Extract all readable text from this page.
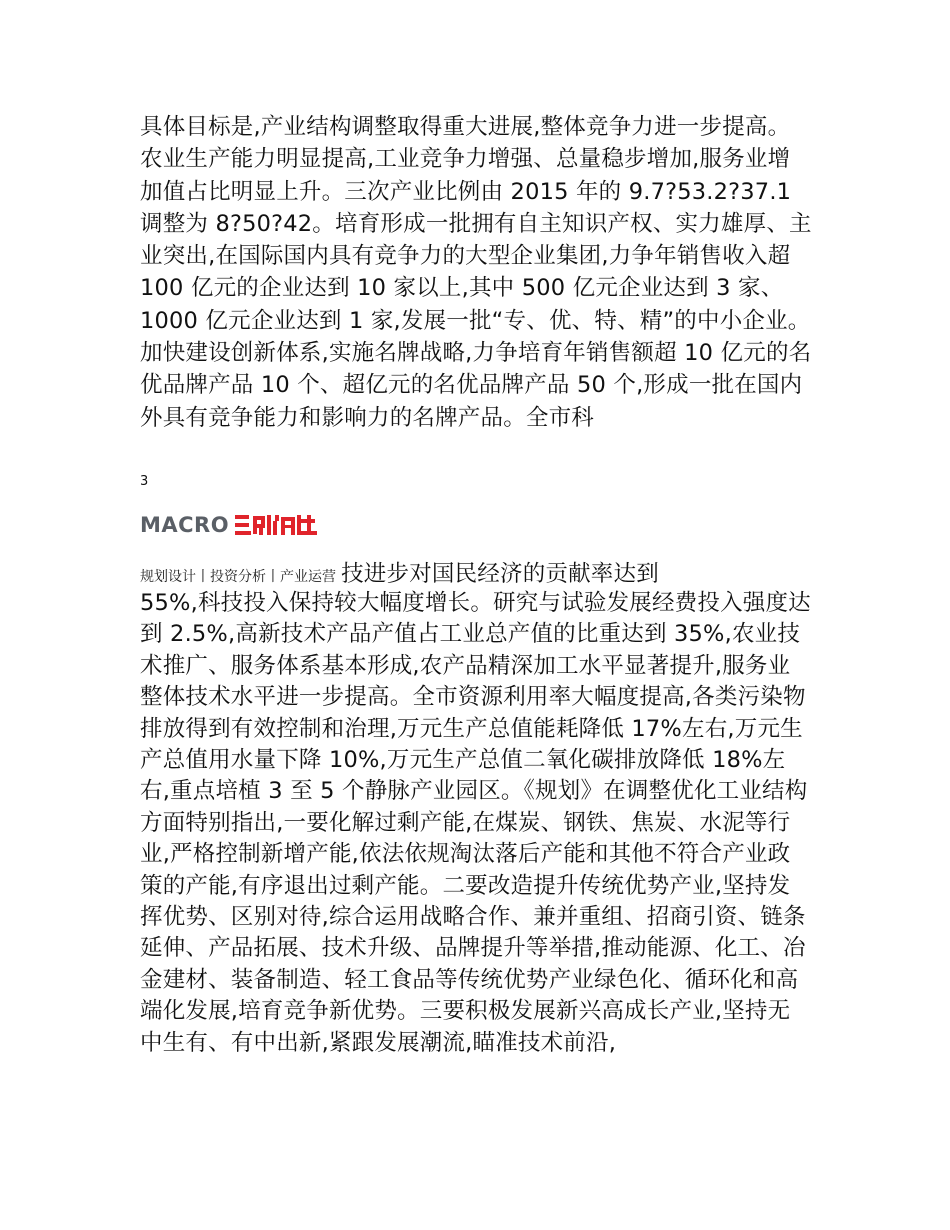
具体目标是,产业结构调整取得重大进展,整体竞争力进一步提高。农业生产能力明显提高,工业竞争力增强、总量稳步增加,服务业增加值占比明显上升。三次产业比例由 2015 年的 9.7?53.2?37.1 调整为 8?50?42。培育形成一批拥有自主知识产权、实力雄厚、主业突出,在国际国内具有竞争力的大型企业集团,力争年销售收入超 100 亿元的企业达到 10 家以上,其中 500 亿元企业达到 3 家、1000 亿元企业达到 1 家,发展一批“专、优、特、精”的中小企业。加快建设创新体系,实施名牌战略,力争培育年销售额超 10 亿元的名优品牌产品 10 个、超亿元的名优品牌产品 50 个,形成一批在国内外具有竞争能力和影响力的名牌产品。全市科

3

MACRO
规划设计丨投资分析丨产业运营 技进步对国民经济的贡献率达到

55%,科技投入保持较大幅度增长。研究与试验发展经费投入强度达到 2.5%,高新技术产品产值占工业总产值的比重达到 35%,农业技术推广、服务体系基本形成,农产品精深加工水平显著提升,服务业整体技术水平进一步提高。全市资源利用率大幅度提高,各类污染物排放得到有效控制和治理,万元生产总值能耗降低 17%左右,万元生产总值用水量下降 10%,万元生产总值二氧化碳排放降低 18%左右,重点培植 3 至 5 个静脉产业园区。《规划》在调整优化工业结构方面特别指出,一要化解过剩产能,在煤炭、钢铁、焦炭、水泥等行业,严格控制新增产能,依法依规淘汰落后产能和其他不符合产业政策的产能,有序退出过剩产能。二要改造提升传统优势产业,坚持发挥优势、区别对待,综合运用战略合作、兼并重组、招商引资、链条延伸、产品拓展、技术升级、品牌提升等举措,推动能源、化工、冶金建材、装备制造、轻工食品等传统优势产业绿色化、循环化和高端化发展,培育竞争新优势。三要积极发展新兴高成长产业,坚持无中生有、有中出新,紧跟发展潮流,瞄准技术前沿,
